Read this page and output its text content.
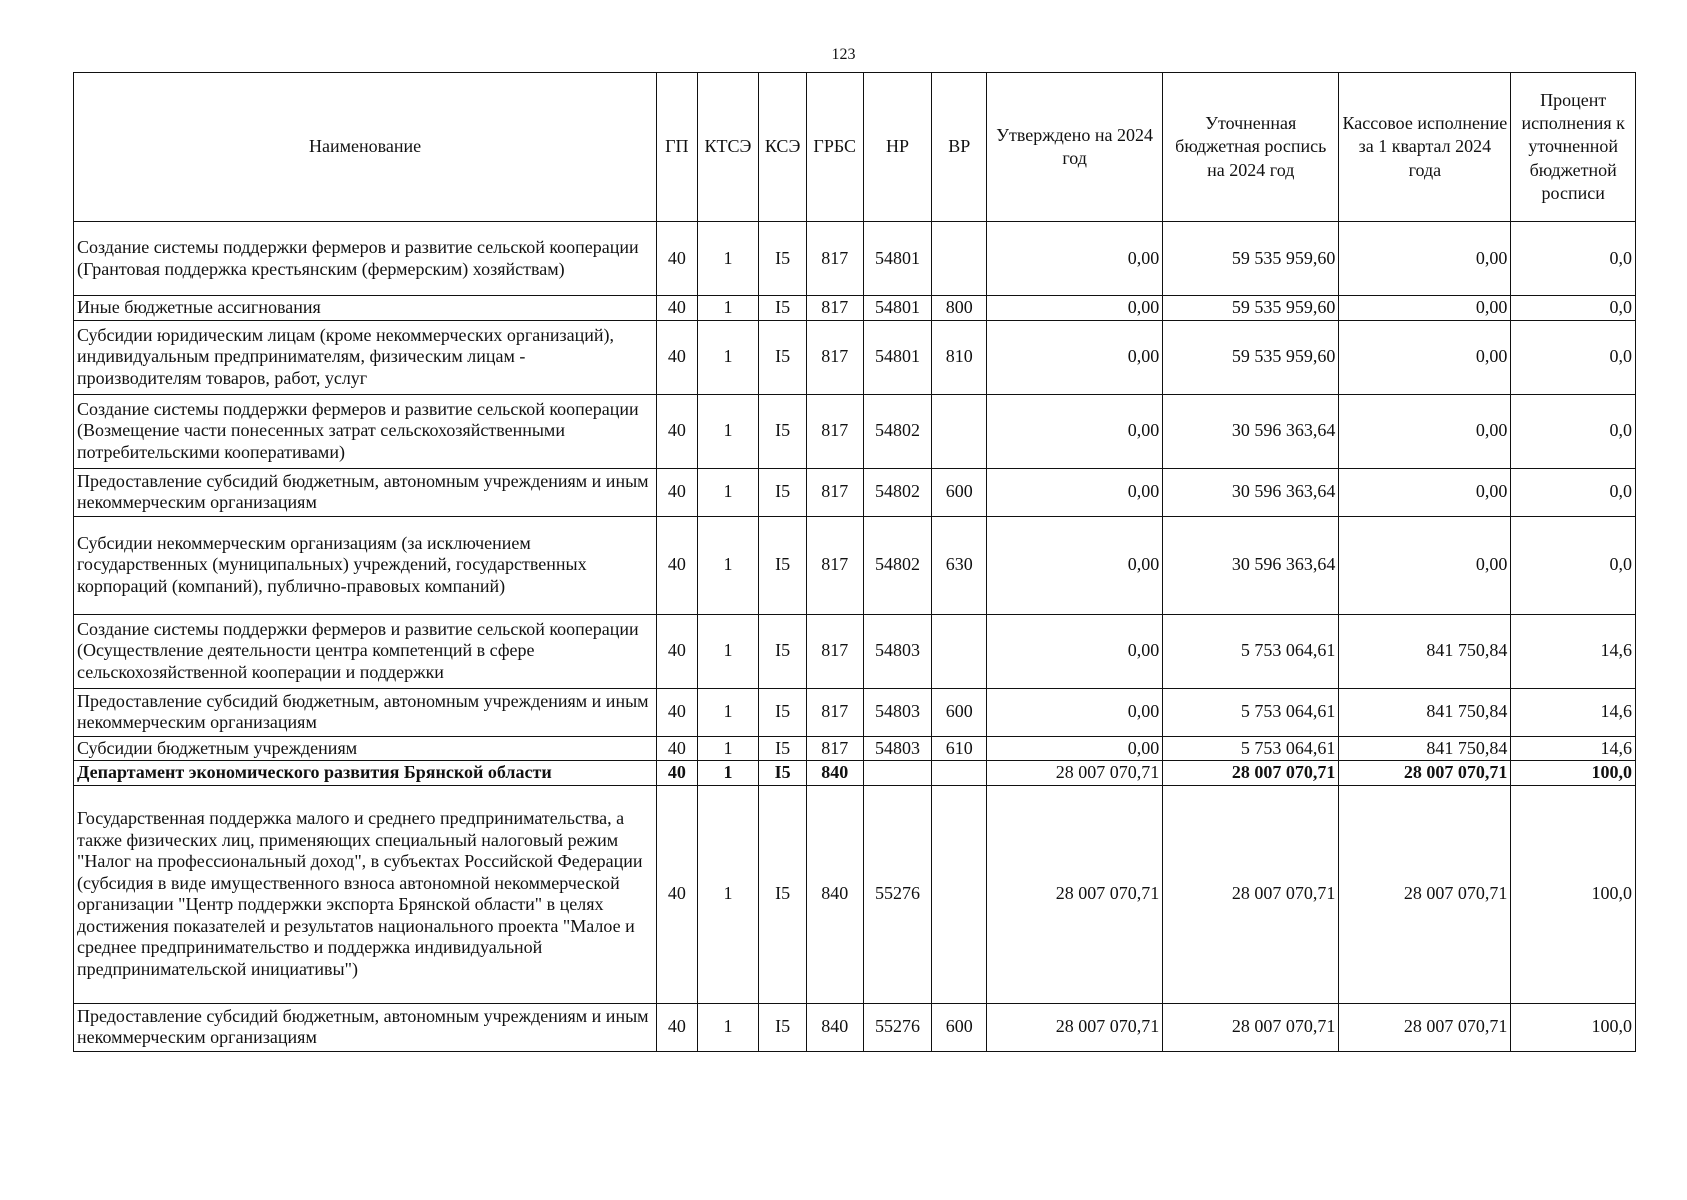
123
Наименование	ГП	КТСЭ	КСЭ	ГРБС	НР	ВР	Утверждено на 2024 год	Уточненная бюджетная роспись на 2024 год	Кассовое исполнение за 1 квартал 2024 года	Процент исполнения к уточненной бюджетной росписи
Создание системы поддержки фермеров и развитие сельской кооперации (Грантовая поддержка крестьянским (фермерским) хозяйствам)	40	1	I5	817	54801		0,00	59 535 959,60	0,00	0,0
Иные бюджетные ассигнования	40	1	I5	817	54801	800	0,00	59 535 959,60	0,00	0,0
Субсидии юридическим лицам (кроме некоммерческих организаций), индивидуальным предпринимателям, физическим лицам - производителям товаров, работ, услуг	40	1	I5	817	54801	810	0,00	59 535 959,60	0,00	0,0
Создание системы поддержки фермеров и развитие сельской кооперации (Возмещение части понесенных затрат сельскохозяйственными потребительскими кооперативами)	40	1	I5	817	54802		0,00	30 596 363,64	0,00	0,0
Предоставление субсидий бюджетным, автономным учреждениям и иным некоммерческим организациям	40	1	I5	817	54802	600	0,00	30 596 363,64	0,00	0,0
Субсидии некоммерческим организациям (за исключением государственных (муниципальных) учреждений, государственных корпораций (компаний), публично-правовых компаний)	40	1	I5	817	54802	630	0,00	30 596 363,64	0,00	0,0
Создание системы поддержки фермеров и развитие сельской кооперации (Осуществление деятельности центра компетенций в сфере сельскохозяйственной кооперации и поддержки	40	1	I5	817	54803		0,00	5 753 064,61	841 750,84	14,6
Предоставление субсидий бюджетным, автономным учреждениям и иным некоммерческим организациям	40	1	I5	817	54803	600	0,00	5 753 064,61	841 750,84	14,6
Субсидии бюджетным учреждениям	40	1	I5	817	54803	610	0,00	5 753 064,61	841 750,84	14,6
Департамент экономического развития Брянской области	40	1	I5	840			28 007 070,71	28 007 070,71	28 007 070,71	100,0
Государственная поддержка малого и среднего предпринимательства, а также физических лиц, применяющих специальный налоговый режим "Налог на профессиональный доход", в субъектах Российской Федерации (субсидия в виде имущественного взноса автономной некоммерческой организации "Центр поддержки экспорта Брянской области" в целях достижения показателей и результатов национального проекта "Малое и среднее предпринимательство и поддержка индивидуальной предпринимательской инициативы")	40	1	I5	840	55276		28 007 070,71	28 007 070,71	28 007 070,71	100,0
Предоставление субсидий бюджетным, автономным учреждениям и иным некоммерческим организациям	40	1	I5	840	55276	600	28 007 070,71	28 007 070,71	28 007 070,71	100,0
